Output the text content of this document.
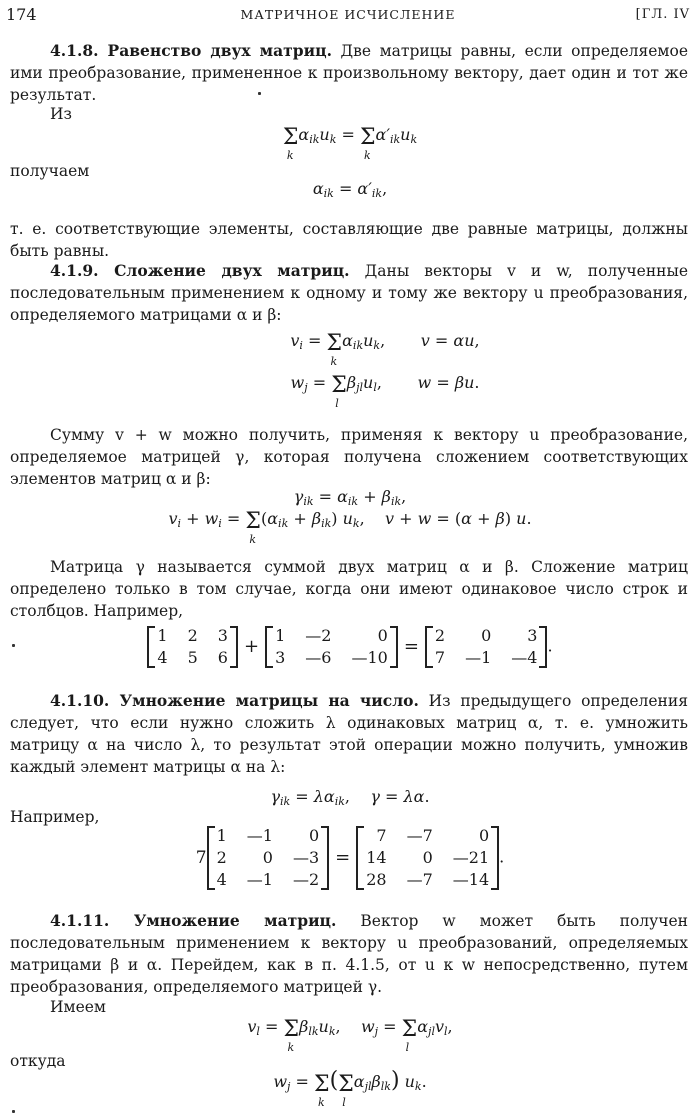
174	МАТРИЧНОЕ ИСЧИСЛЕНИЕ	[ГЛ. IV

4.1.8. Равенство двух матриц. Две матрицы равны, если определяемое ими преобразование, примененное к произвольному вектору, дает один и тот же результат.

Из

Σ
k
$\alpha_{ik}u_k = \Sigma$
k
$\alpha'_{ik}u_k$
получаем
$\alpha_{ik} = \alpha'_{ik}$,

т. е. соответствующие элементы, составляющие две равные матрицы, должны быть равны.

4.1.9. Сложение двух матриц. Даны векторы v и w, полученные последовательным применением к одному и тому же вектору u преобразования, определяемого матрицами α и β:

$v_i = \Sigma$
k
$\alpha_{ik}u_k$,       v = αu,
$w_j = \Sigma$
l
$\beta_{jl}u_l$,       w = βu.

Сумму v + w можно получить, применяя к вектору u преобразование, определяемое матрицей γ, которая получена сложением соответствующих элементов матриц α и β:

$\gamma_{ik} = \alpha_{ik} + \beta_{ik}$,
$v_i + w_i = \Sigma$
k
$(\alpha_{ik} + \beta_{ik})$ $u_k$,    v + w = (α + β) u.

Матрица γ называется суммой двух матриц α и β. Сложение матриц определено только в том случае, когда они имеют одинаковое число строк и столбцов. Например,

1 2 3
4 5 6
+
1 —2	0
3 —6 —10
=
2	0	3
7 —1 —4
.

4.1.10. Умножение матрицы на число. Из предыдущего определения следует, что если нужно сложить λ одинаковых матриц α, т. е. умножить матрицу α на число λ, то результат этой операции можно получить, умножив каждый элемент матрицы α на λ:

$\gamma_{ik} = \lambda\alpha_{ik}$,    γ = λα.
Например,
7
1 —1	0
2	0 —3
4 —1 —2
=
7 —7	0
14	0 —21
28 —7 —14
.

4.1.11. Умножение матриц. Вектор w может быть получен последовательным применением к вектору u преобразований, определяемых матрицами β и α. Перейдем, как в п. 4.1.5, от u к w непосредственно, путем преобразования, определяемого матрицей γ.

Имеем

$v_l = \Sigma$
k
$\beta_{lk}u_k$,    $w_j = \Sigma$
l
$\alpha_{jl}v_l$,
откуда
$w_j = \Sigma$
k
(Σ
l
$\alpha_{jl}\beta_{lk}$) $u_k$.
